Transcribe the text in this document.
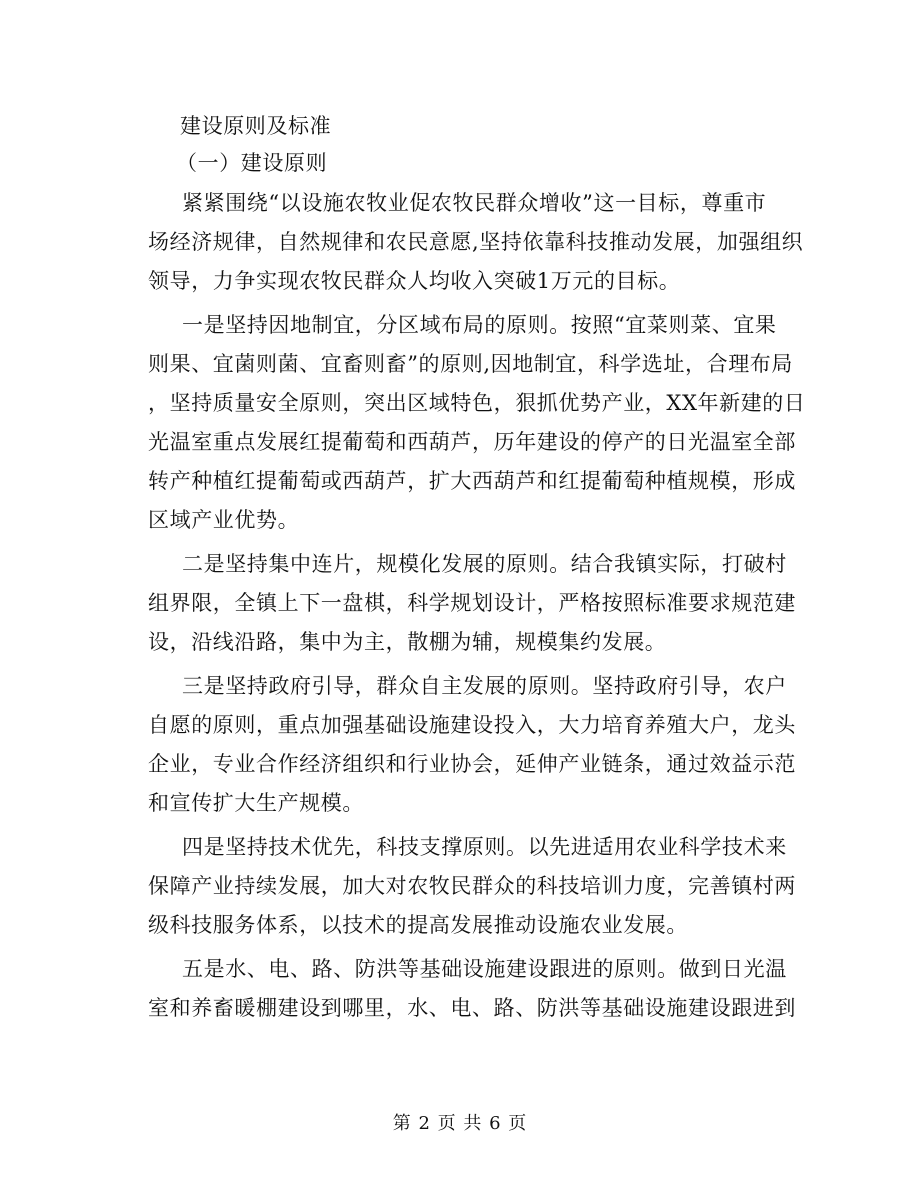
建设原则及标准
（一）建设原则
紧紧围绕“以设施农牧业促农牧民群众增收”这一目标，尊重市
场经济规律，自然规律和农民意愿,坚持依靠科技推动发展，加强组织
领导，力争实现农牧民群众人均收入突破1万元的目标。
一是坚持因地制宜，分区域布局的原则。按照“宜菜则菜、宜果
则果、宜菌则菌、宜畜则畜”的原则,因地制宜，科学选址，合理布局
，坚持质量安全原则，突出区域特色，狠抓优势产业，XX年新建的日
光温室重点发展红提葡萄和西葫芦，历年建设的停产的日光温室全部
转产种植红提葡萄或西葫芦，扩大西葫芦和红提葡萄种植规模，形成
区域产业优势。
二是坚持集中连片，规模化发展的原则。结合我镇实际，打破村
组界限，全镇上下一盘棋，科学规划设计，严格按照标准要求规范建
设，沿线沿路，集中为主，散棚为辅，规模集约发展。
三是坚持政府引导，群众自主发展的原则。坚持政府引导，农户
自愿的原则，重点加强基础设施建设投入，大力培育养殖大户，龙头
企业，专业合作经济组织和行业协会，延伸产业链条，通过效益示范
和宣传扩大生产规模。
四是坚持技术优先，科技支撑原则。以先进适用农业科学技术来
保障产业持续发展，加大对农牧民群众的科技培训力度，完善镇村两
级科技服务体系，以技术的提高发展推动设施农业发展。
五是水、电、路、防洪等基础设施建设跟进的原则。做到日光温
室和养畜暖棚建设到哪里，水、电、路、防洪等基础设施建设跟进到
第 2 页 共 6 页
